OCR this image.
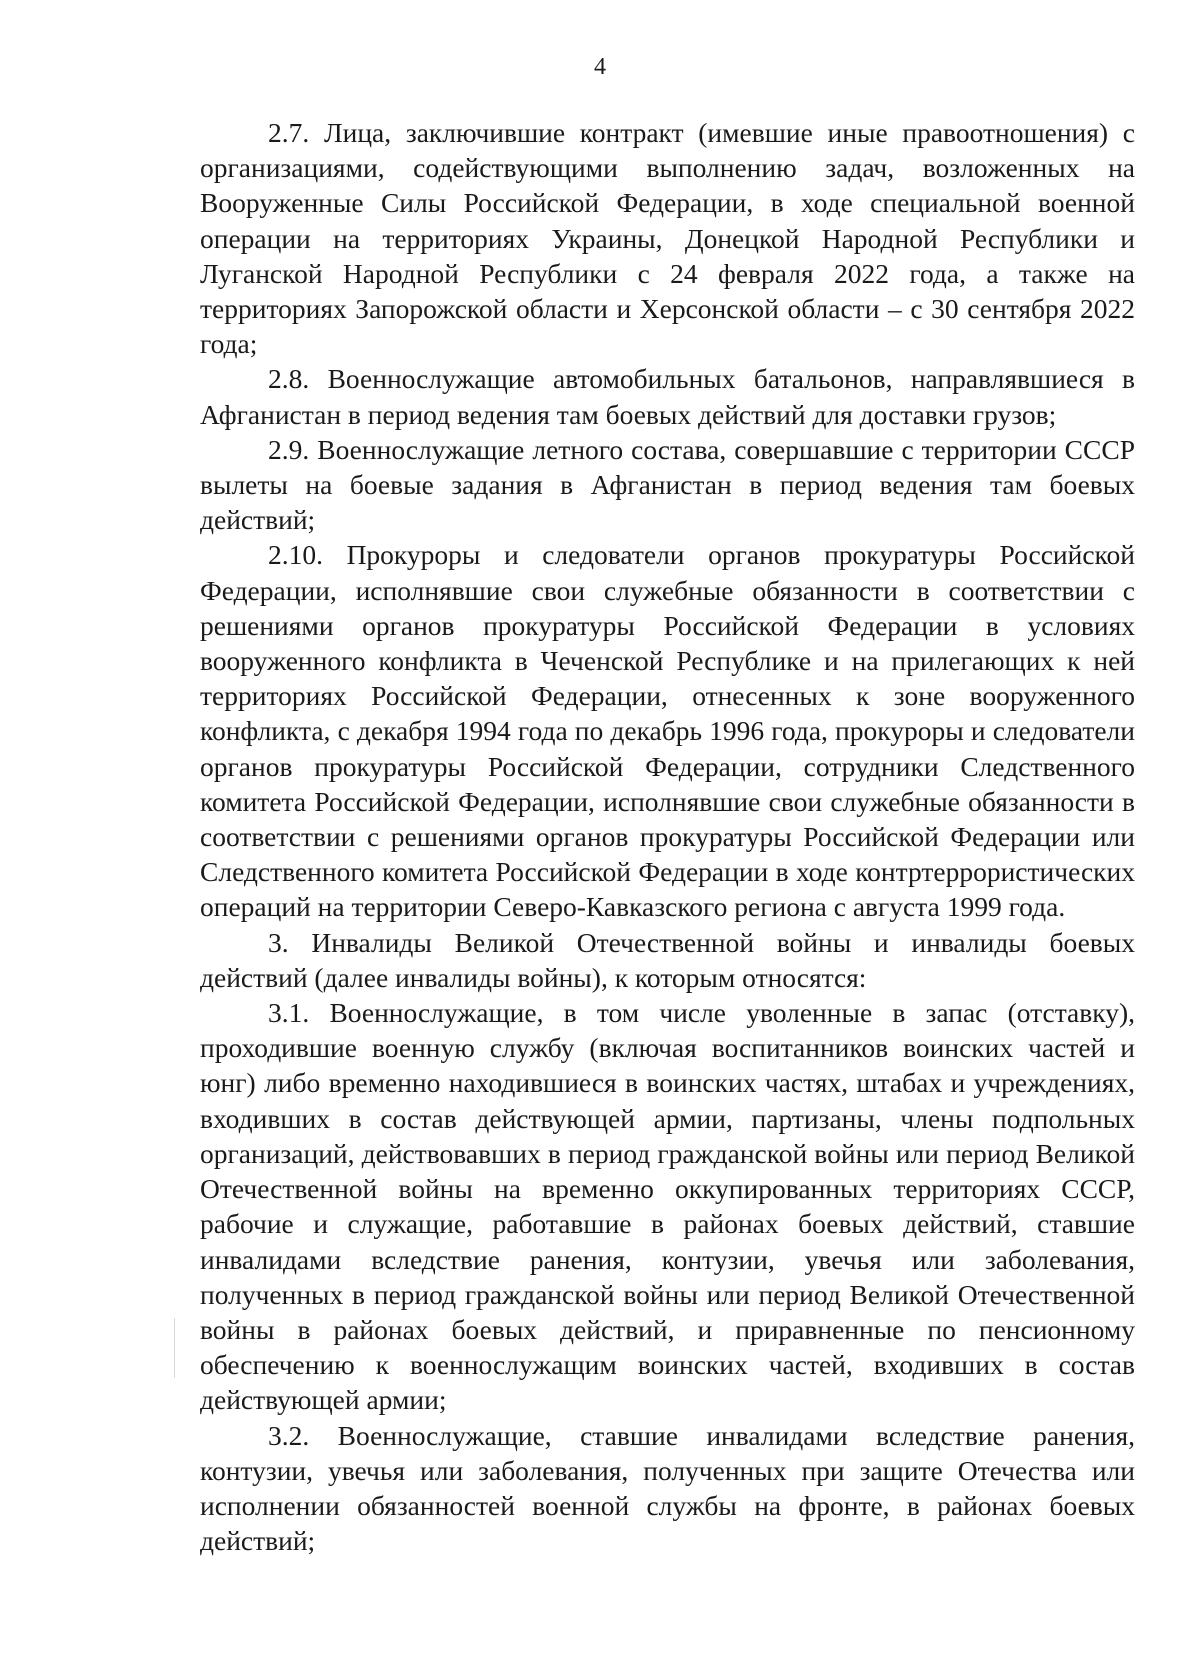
4

2.7. Лица, заключившие контракт (имевшие иные правоотношения) с организациями, содействующими выполнению задач, возложенных на Вооруженные Силы Российской Федерации, в ходе специальной военной операции на территориях Украины, Донецкой Народной Республики и Луганской Народной Республики с 24 февраля 2022 года, а также на территориях Запорожской области и Херсонской области – с 30 сентября 2022 года;

2.8. Военнослужащие автомобильных батальонов, направлявшиеся в Афганистан в период ведения там боевых действий для доставки грузов;

2.9. Военнослужащие летного состава, совершавшие с территории СССР вылеты на боевые задания в Афганистан в период ведения там боевых действий;

2.10. Прокуроры и следователи органов прокуратуры Российской Федерации, исполнявшие свои служебные обязанности в соответствии с решениями органов прокуратуры Российской Федерации в условиях вооруженного конфликта в Чеченской Республике и на прилегающих к ней территориях Российской Федерации, отнесенных к зоне вооруженного конфликта, с декабря 1994 года по декабрь 1996 года, прокуроры и следователи органов прокуратуры Российской Федерации, сотрудники Следственного комитета Российской Федерации, исполнявшие свои служебные обязанности в соответствии с решениями органов прокуратуры Российской Федерации или Следственного комитета Российской Федерации в ходе контртеррористических операций на территории Северо-Кавказского региона с августа 1999 года.

3. Инвалиды Великой Отечественной войны и инвалиды боевых действий (далее инвалиды войны), к которым относятся:

3.1. Военнослужащие, в том числе уволенные в запас (отставку), проходившие военную службу (включая воспитанников воинских частей и юнг) либо временно находившиеся в воинских частях, штабах и учреждениях, входивших в состав действующей армии, партизаны, члены подпольных организаций, действовавших в период гражданской войны или период Великой Отечественной войны на временно оккупированных территориях СССР, рабочие и служащие, работавшие в районах боевых действий, ставшие инвалидами вследствие ранения, контузии, увечья или заболевания, полученных в период гражданской войны или период Великой Отечественной войны в районах боевых действий, и приравненные по пенсионному обеспечению к военнослужащим воинских частей, входивших в состав действующей армии;

3.2. Военнослужащие, ставшие инвалидами вследствие ранения, контузии, увечья или заболевания, полученных при защите Отечества или исполнении обязанностей военной службы на фронте, в районах боевых действий;
